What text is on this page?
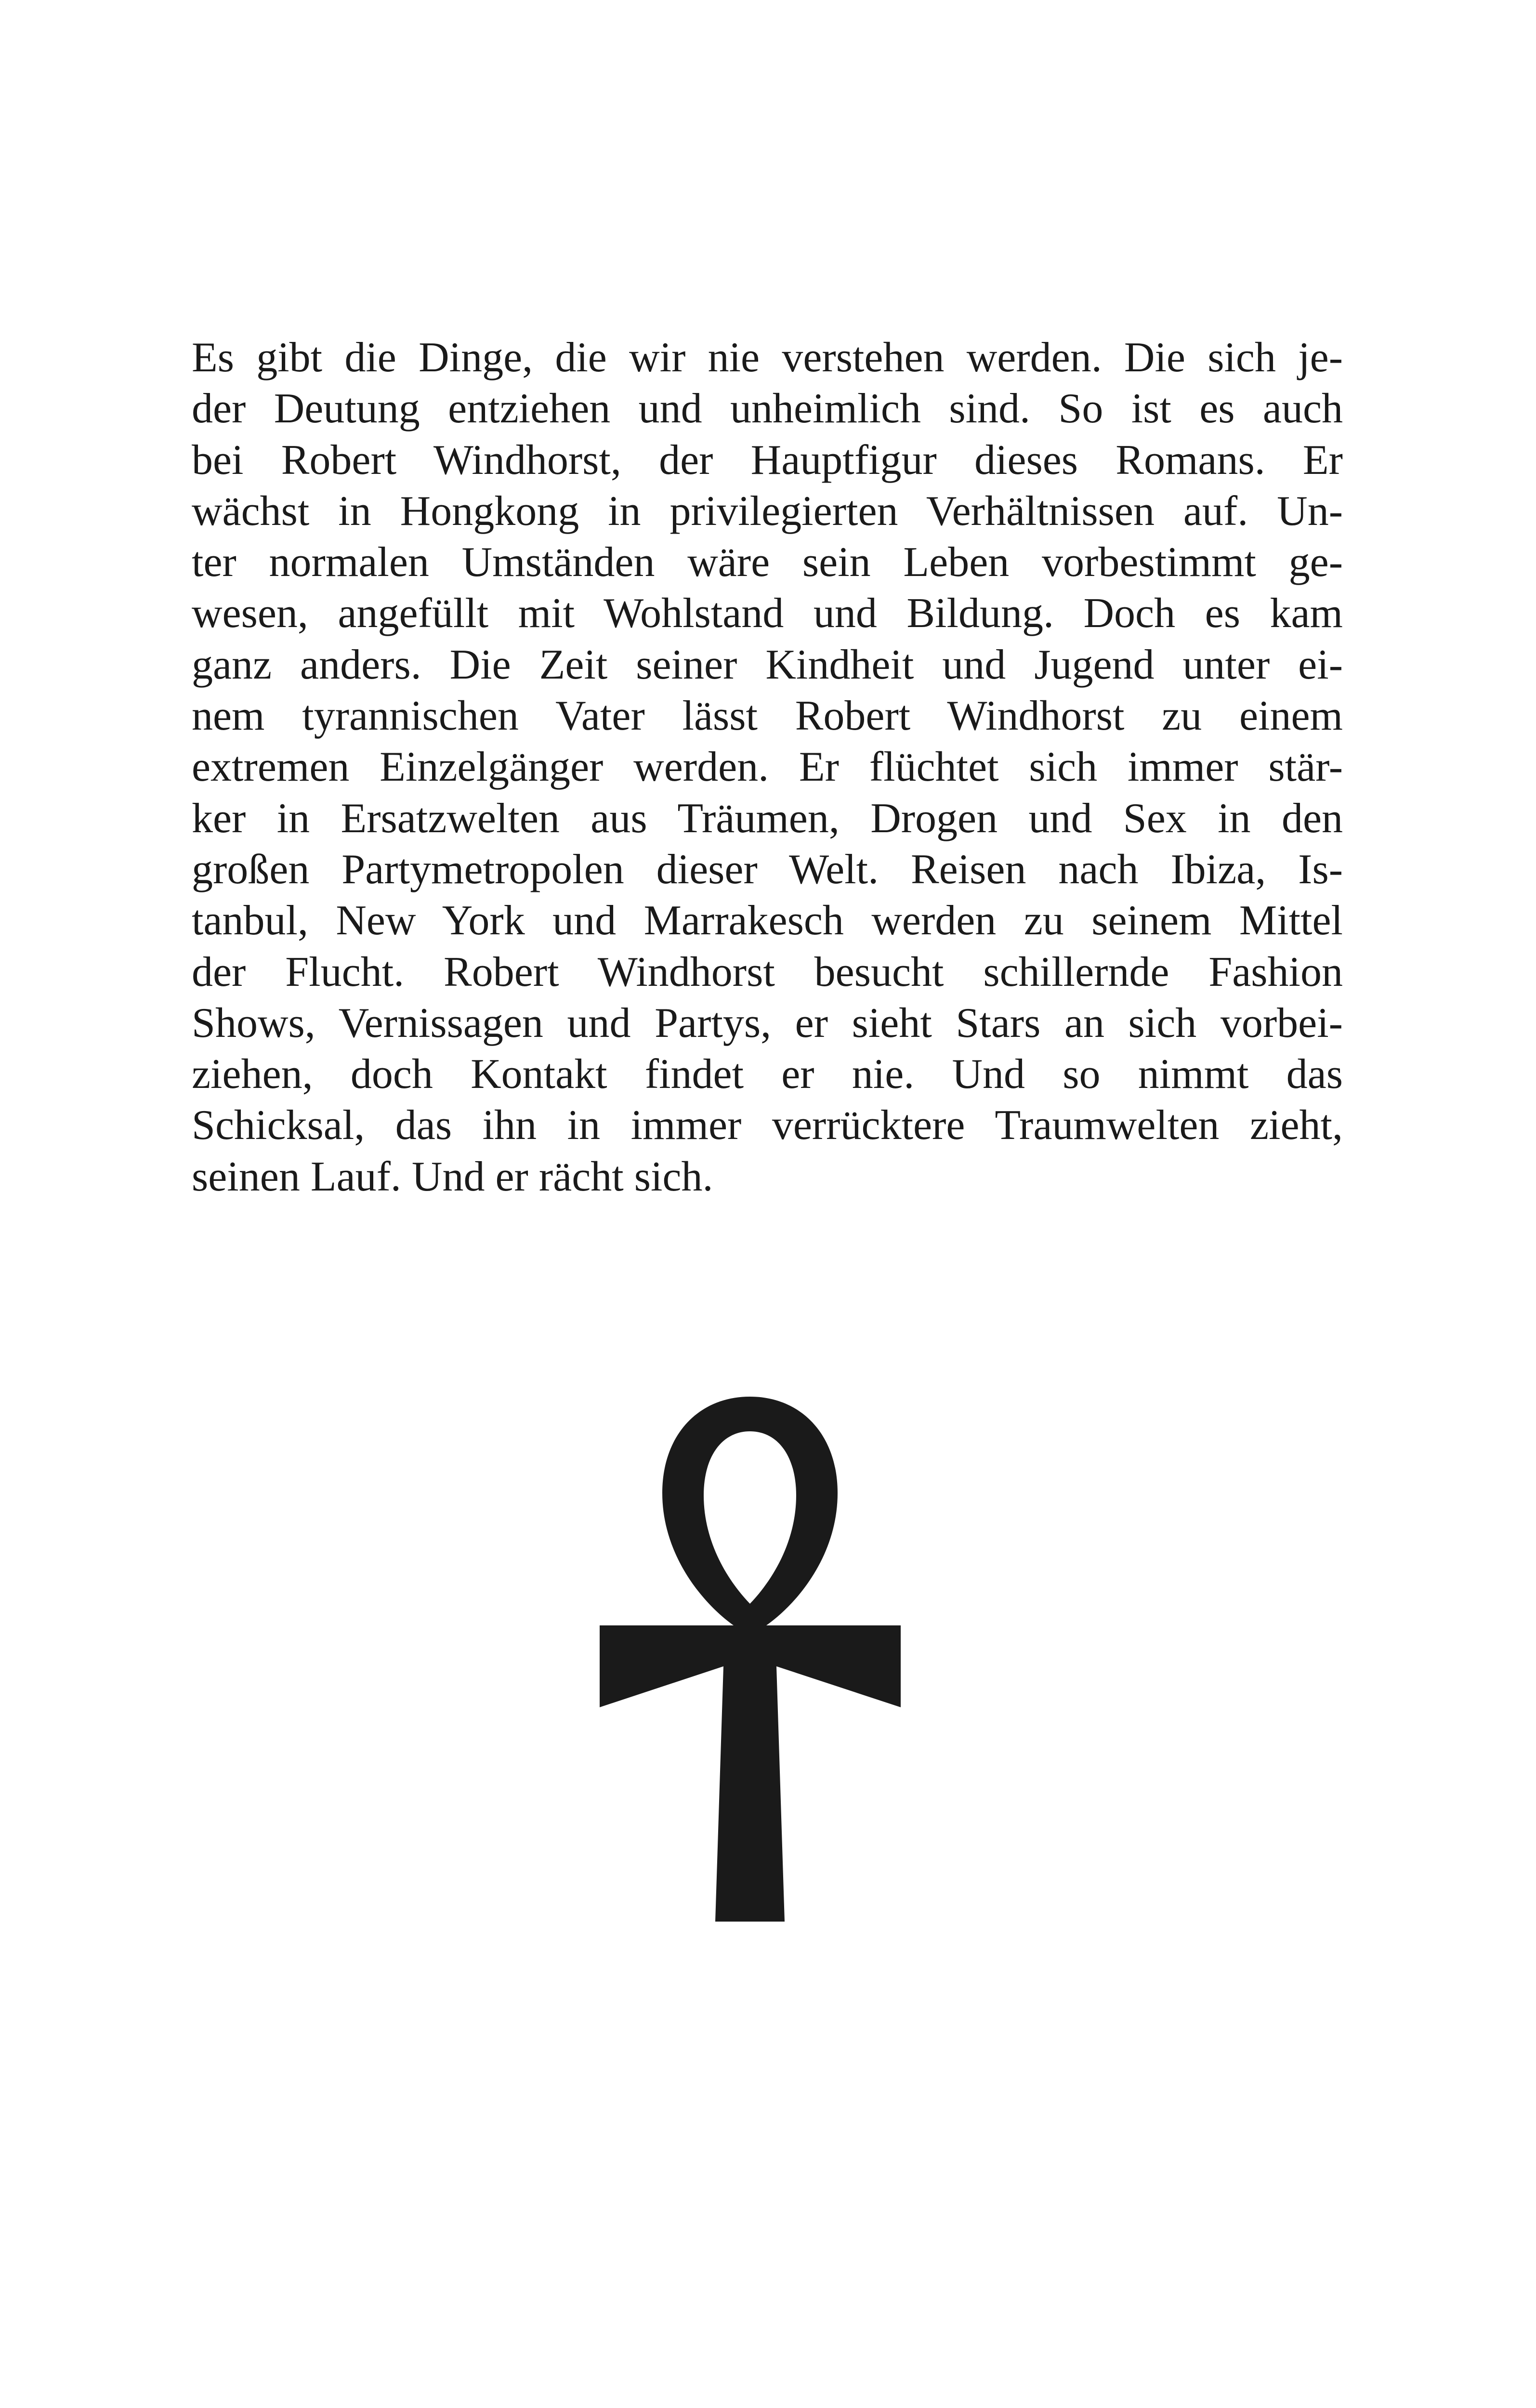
Es gibt die Dinge, die wir nie verstehen werden. Die sich je-
der Deutung entziehen und unheimlich sind. So ist es auch
bei Robert Windhorst, der Hauptfigur dieses Romans. Er
wächst in Hongkong in privilegierten Verhältnissen auf. Un-
ter normalen Umständen wäre sein Leben vorbestimmt ge-
wesen, angefüllt mit Wohlstand und Bildung. Doch es kam
ganz anders. Die Zeit seiner Kindheit und Jugend unter ei-
nem tyrannischen Vater lässt Robert Windhorst zu einem
extremen Einzelgänger werden. Er flüchtet sich immer stär-
ker in Ersatzwelten aus Träumen, Drogen und Sex in den
großen Partymetropolen dieser Welt. Reisen nach Ibiza, Is-
tanbul, New York und Marrakesch werden zu seinem Mittel
der Flucht. Robert Windhorst besucht schillernde Fashion
Shows, Vernissagen und Partys, er sieht Stars an sich vorbei-
ziehen, doch Kontakt findet er nie. Und so nimmt das
Schicksal, das ihn in immer verrücktere Traumwelten zieht,
seinen Lauf. Und er rächt sich.
